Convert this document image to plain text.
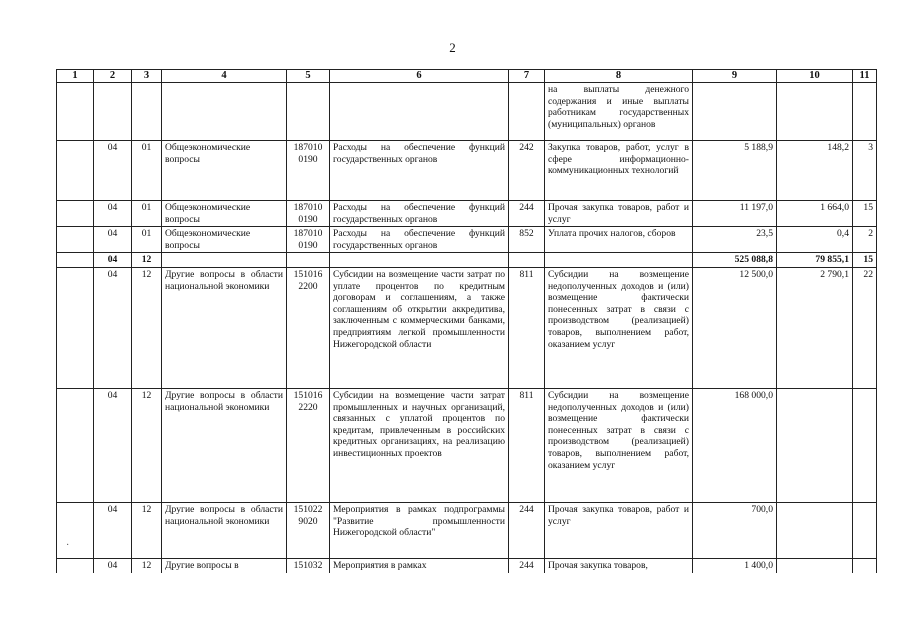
2
1	2	3	4	5	6	7	8	9	10	11
							на выплаты денежного содержания и иные выплаты работникам государственных (муниципальных) органов			
	04	01	Общеэкономические вопросы	187010 0190	Расходы на обеспечение функций государственных органов	242	Закупка товаров, работ, услуг в сфере информационно-коммуникационных технологий	5 188,9	148,2	3
	04	01	Общеэкономические вопросы	187010 0190	Расходы на обеспечение функций государственных органов	244	Прочая закупка товаров, работ и услуг	11 197,0	1 664,0	15
	04	01	Общеэкономические вопросы	187010 0190	Расходы на обеспечение функций государственных органов	852	Уплата прочих налогов, сборов	23,5	0,4	2
	04	12						525 088,8	79 855,1	15
	04	12	Другие вопросы в области национальной экономики	151016 2200	Субсидии на возмещение части затрат по уплате процентов по кредитным договорам и соглашениям, а также соглашениям об открытии аккредитива, заключенным с коммерческими банками, предприятиям легкой промышленности Нижегородской области	811	Субсидии на возмещение недополученных доходов и (или) возмещение фактически понесенных затрат в связи с производством (реализацией) товаров, выполнением работ, оказанием услуг	12 500,0	2 790,1	22
	04	12	Другие вопросы в области национальной экономики	151016 2220	Субсидии на возмещение части затрат промышленных и научных организаций, связанных с уплатой процентов по кредитам, привлеченным в российских кредитных организациях, на реализацию инвестиционных проектов	811	Субсидии на возмещение недополученных доходов и (или) возмещение фактически понесенных затрат в связи с производством (реализацией) товаров, выполнением работ, оказанием услуг	168 000,0		
	04	12	Другие вопросы в области национальной экономики	151022 9020	Мероприятия в рамках подпрограммы "Развитие промышленности Нижегородской области"	244	Прочая закупка товаров, работ и услуг	700,0		
	04	12	Другие вопросы в	151032	Мероприятия в рамках	244	Прочая закупка товаров,	1 400,0		
·
